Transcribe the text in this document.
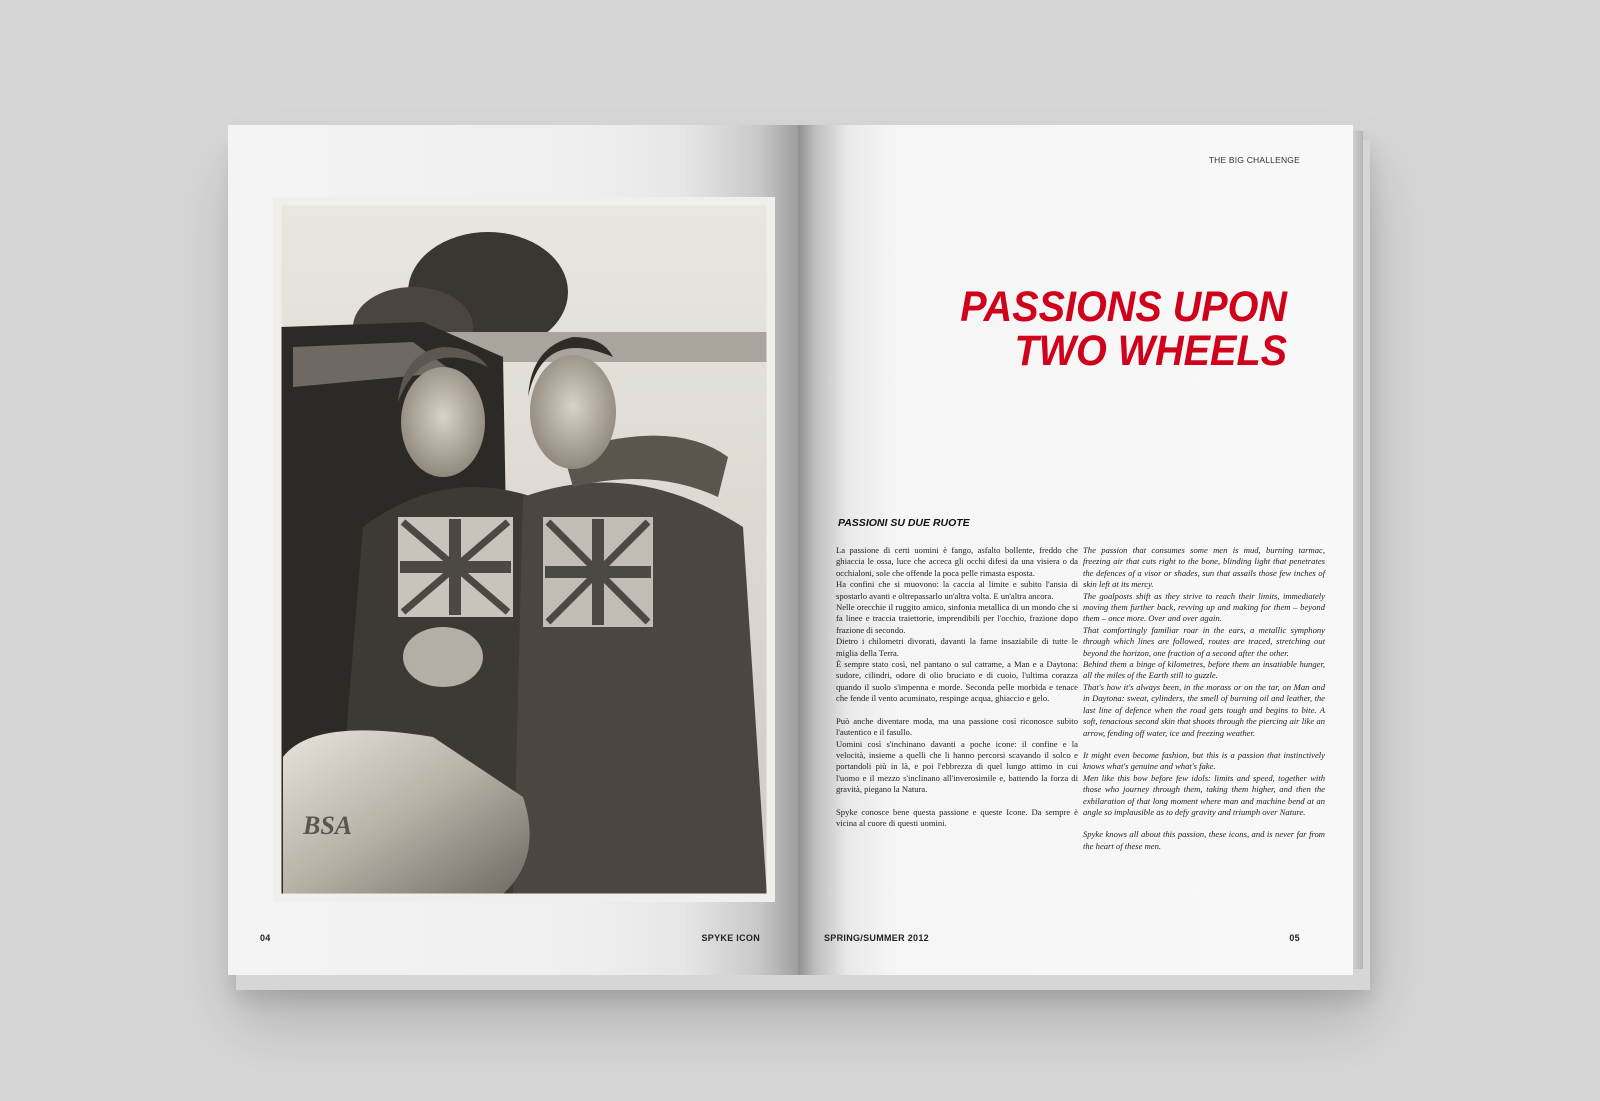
BSA
04	SPYKE ICON
THE BIG CHALLENGE
PASSIONS UPON
TWO WHEELS
PASSIONI SU DUE RUOTE

La passione di certi uomini è fango, asfalto bollente, freddo che ghiaccia le ossa, luce che acceca gli occhi difesi da una visiera o da occhialoni, sole che offende la poca pelle rimasta esposta.

Ha confini che si muovono: la caccia al limite e subito l'ansia di spostarlo avanti e oltrepassarlo un'altra volta. E un'altra ancora.

Nelle orecchie il ruggito amico, sinfonia metallica di un mondo che si fa linee e traccia traiettorie, imprendibili per l'occhio, frazione dopo frazione di secondo.

Dietro i chilometri divorati, davanti la fame insaziabile di tutte le miglia della Terra.

È sempre stato così, nel pantano o sul catrame, a Man e a Daytona: sudore, cilindri, odore di olio bruciato e di cuoio, l'ultima corazza quando il suolo s'impenna e morde. Seconda pelle morbida e tenace che fende il vento acuminato, respinge acqua, ghiaccio e gelo.

Può anche diventare moda, ma una passione così riconosce subito l'autentico e il fasullo.

Uomini così s'inchinano davanti a poche icone: il confine e la velocità, insieme a quelli che li hanno percorsi scavando il solco e portandoli più in là, e poi l'ebbrezza di quel lungo attimo in cui l'uomo e il mezzo s'inclinano all'inverosimile e, battendo la forza di gravità, piegano la Natura.

Spyke conosce bene questa passione e queste Icone. Da sempre è vicina al cuore di questi uomini.

The passion that consumes some men is mud, burning tarmac, freezing air that cuts right to the bone, blinding light that penetrates the defences of a visor or shades, sun that assails those few inches of skin left at its mercy.

The goalposts shift as they strive to reach their limits, immediately moving them further back, revving up and making for them – beyond them – once more. Over and over again.

That comfortingly familiar roar in the ears, a metallic symphony through which lines are followed, routes are traced, stretching out beyond the horizon, one fraction of a second after the other.

Behind them a binge of kilometres, before them an insatiable hunger, all the miles of the Earth still to guzzle.

That's how it's always been, in the morass or on the tar, on Man and in Daytona: sweat, cylinders, the smell of burning oil and leather, the last line of defence when the road gets tough and begins to bite. A soft, tenacious second skin that shoots through the piercing air like an arrow, fending off water, ice and freezing weather.

It might even become fashion, but this is a passion that instinctively knows what's genuine and what's fake.

Men like this bow before few idols: limits and speed, together with those who journey through them, taking them higher, and then the exhilaration of that long moment where man and machine bend at an angle so implausible as to defy gravity and triumph over Nature.

Spyke knows all about this passion, these icons, and is never far from the heart of these men.

SPRING/SUMMER 2012	05
